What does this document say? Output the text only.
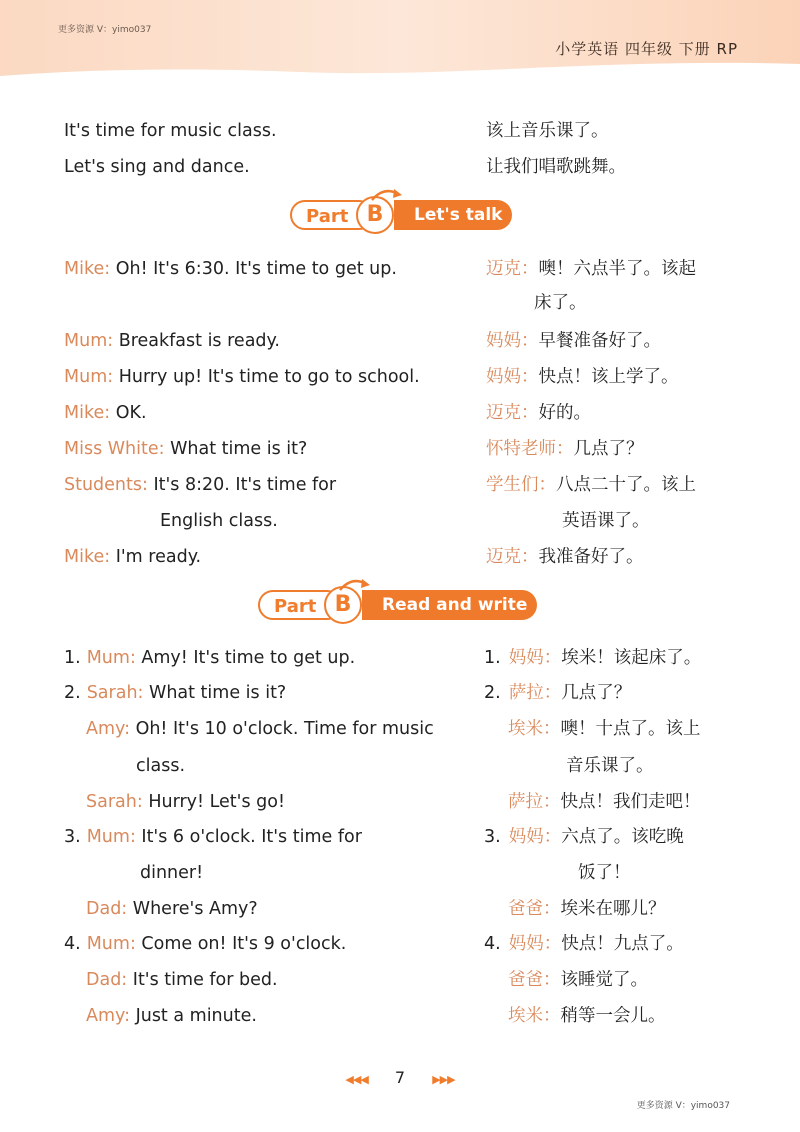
更多资源 V：yimo037
小学英语 四年级 下册 RP
It's time for music class.	该上音乐课了。
Let's sing and dance.	让我们唱歌跳舞。
Let's talk
Part B
Mike: Oh! It's 6:30. It's time to get up.	迈克：噢！六点半了。该起
床了。
Mum: Breakfast is ready.	妈妈：早餐准备好了。
Mum: Hurry up! It's time to go to school.	妈妈：快点！该上学了。
Mike: OK.	迈克：好的。
Miss White: What time is it?	怀特老师：几点了？
Students: It's 8:20. It's time for	学生们：八点二十了。该上
English class.	英语课了。
Mike: I'm ready.	迈克：我准备好了。
Read and write
Part B
1. Mum: Amy! It's time to get up.	1. 妈妈：埃米！该起床了。
2. Sarah: What time is it?	2. 萨拉：几点了？
Amy: Oh! It's 10 o'clock. Time for music	埃米：噢！十点了。该上
class.	音乐课了。
Sarah: Hurry! Let's go!	萨拉：快点！我们走吧！
3. Mum: It's 6 o'clock. It's time for	3. 妈妈：六点了。该吃晚
dinner!	饭了！
Dad: Where's Amy?	爸爸：埃米在哪儿？
4. Mum: Come on! It's 9 o'clock.	4. 妈妈：快点！九点了。
Dad: It's time for bed.	爸爸：该睡觉了。
Amy: Just a minute.	埃米：稍等一会儿。
◀◀◀ 7 ▶▶▶
更多资源 V：yimo037
